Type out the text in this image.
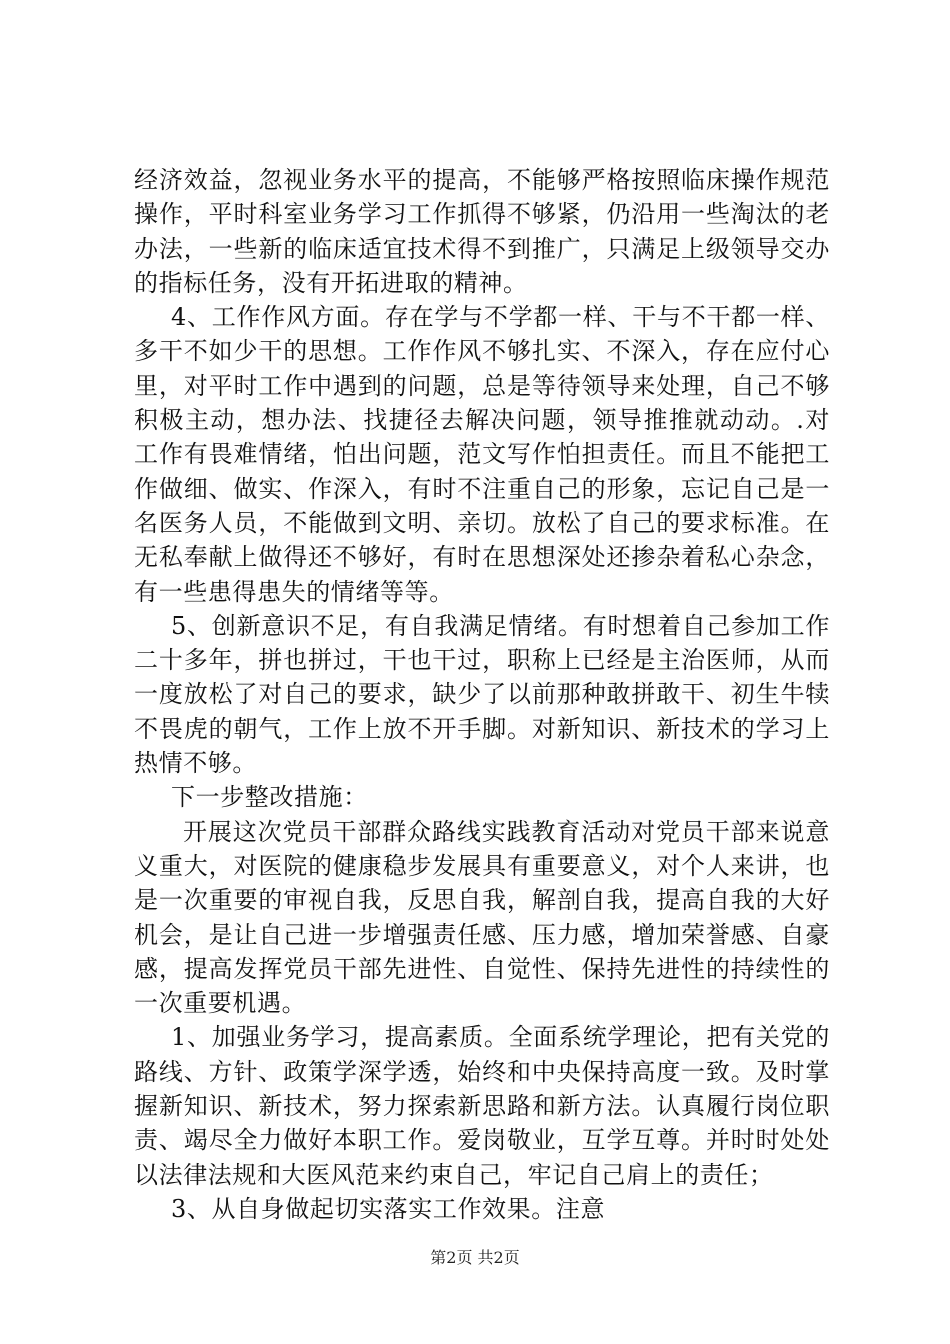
经济效益，忽视业务水平的提高，不能够严格按照临床操作规范操作，平时科室业务学习工作抓得不够紧，仍沿用一些淘汰的老办法，一些新的临床适宜技术得不到推广，只满足上级领导交办的指标任务，没有开拓进取的精神。

4、工作作风方面。存在学与不学都一样、干与不干都一样、多干不如少干的思想。工作作风不够扎实、不深入，存在应付心里，对平时工作中遇到的问题，总是等待领导来处理，自己不够积极主动，想办法、找捷径去解决问题，领导推推就动动。.对工作有畏难情绪，怕出问题，范文写作怕担责任。而且不能把工作做细、做实、作深入，有时不注重自己的形象，忘记自己是一名医务人员，不能做到文明、亲切。放松了自己的要求标准。在无私奉献上做得还不够好，有时在思想深处还掺杂着私心杂念，有一些患得患失的情绪等等。

5、创新意识不足，有自我满足情绪。有时想着自己参加工作二十多年，拼也拼过，干也干过，职称上已经是主治医师，从而一度放松了对自己的要求，缺少了以前那种敢拼敢干、初生牛犊不畏虎的朝气，工作上放不开手脚。对新知识、新技术的学习上热情不够。

下一步整改措施：

开展这次党员干部群众路线实践教育活动对党员干部来说意义重大，对医院的健康稳步发展具有重要意义，对个人来讲，也是一次重要的审视自我，反思自我，解剖自我，提高自我的大好机会，是让自己进一步增强责任感、压力感，增加荣誉感、自豪感，提高发挥党员干部先进性、自觉性、保持先进性的持续性的一次重要机遇。

1、加强业务学习，提高素质。全面系统学理论，把有关党的路线、方针、政策学深学透，始终和中央保持高度一致。及时掌握新知识、新技术，努力探索新思路和新方法。认真履行岗位职责、竭尽全力做好本职工作。爱岗敬业，互学互尊。并时时处处以法律法规和大医风范来约束自己，牢记自己肩上的责任；

3、从自身做起切实落实工作效果。注意

第2页 共2页
